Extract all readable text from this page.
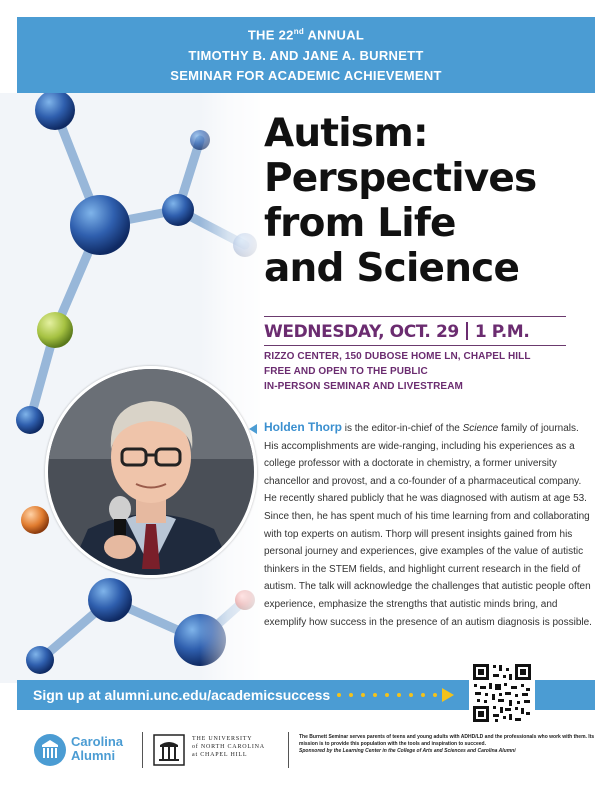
THE 22nd ANNUAL
TIMOTHY B. AND JANE A. BURNETT
SEMINAR FOR ACADEMIC ACHIEVEMENT
Autism:
Perspectives
from Life
and Science
WEDNESDAY, OCT. 29 1 P.M.
RIZZO CENTER, 150 DUBOSE HOME LN, CHAPEL HILL
FREE AND OPEN TO THE PUBLIC
IN-PERSON SEMINAR AND LIVESTREAM
Holden Thorp is the editor-in-chief of the Science family of journals. His accomplishments are wide-ranging, including his experiences as a college professor with a doctorate in chemistry, a former university chancellor and provost, and a co-founder of a pharmaceutical company. He recently shared publicly that he was diagnosed with autism at age 53. Since then, he has spent much of his time learning from and collaborating with top experts on autism. Thorp will present insights gained from his personal journey and experiences, give examples of the value of autistic thinkers in the STEM fields, and highlight current research in the field of autism. The talk will acknowledge the challenges that autistic people often experience, emphasize the strengths that autistic minds bring, and exemplify how success in the presence of an autism diagnosis is possible.
Sign up at alumni.unc.edu/academicsuccess
Carolina
Alumni
THE UNIVERSITY
of NORTH CAROLINA
at CHAPEL HILL
The Burnett Seminar serves parents of teens and young adults with ADHD/LD and the professionals who work with them. Its mission is to provide this population with the tools and inspiration to succeed.
Sponsored by the Learning Center in the College of Arts and Sciences and Carolina Alumni
